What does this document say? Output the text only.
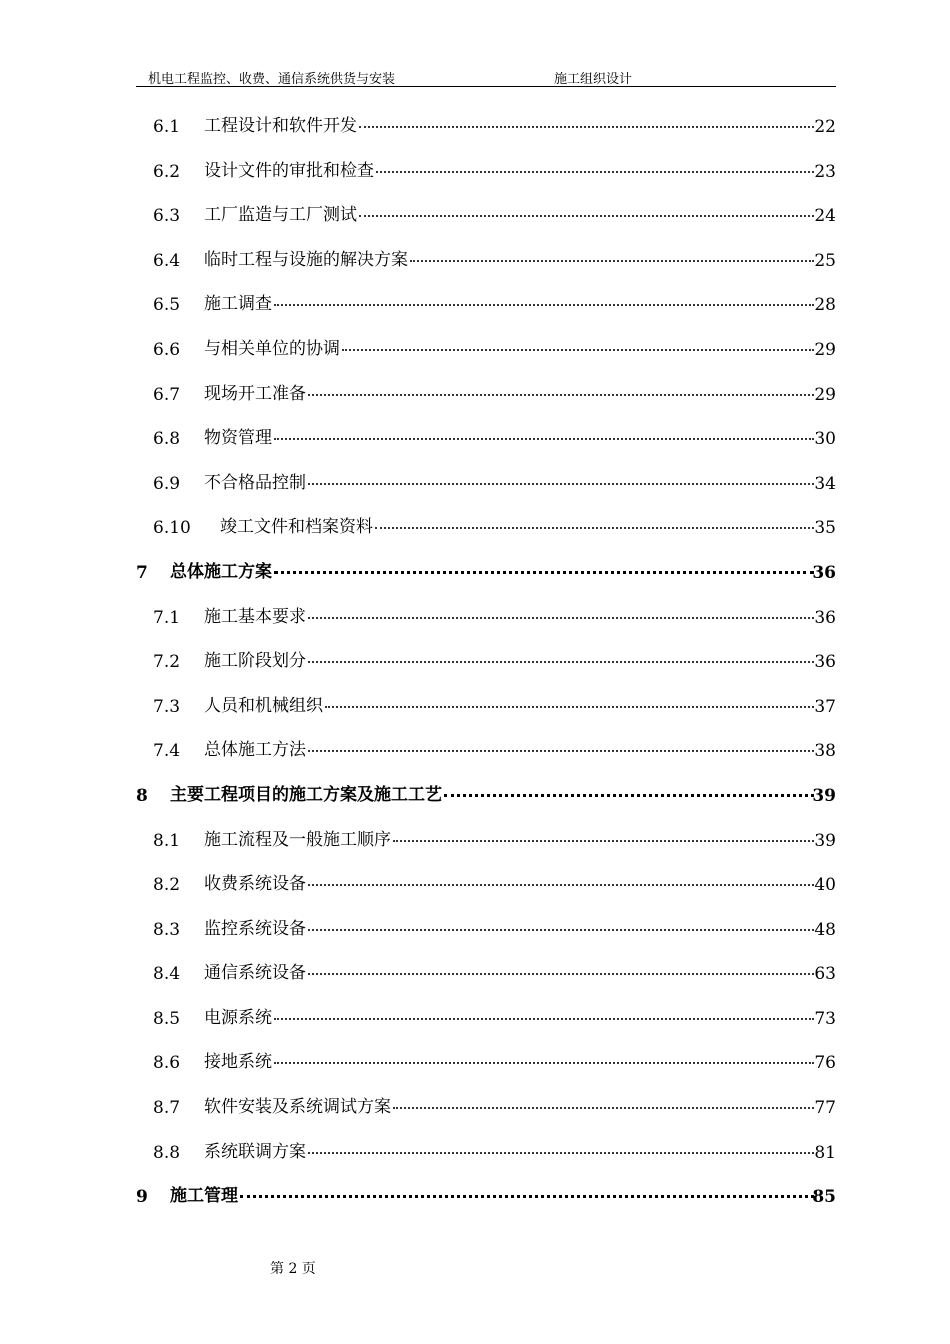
机电工程监控、收费、通信系统供货与安装	施工组织设计
6.1 工程设计和软件开发	22
6.2 设计文件的审批和检查	23
6.3 工厂监造与工厂测试	24
6.4 临时工程与设施的解决方案	25
6.5 施工调查	28
6.6 与相关单位的协调	29
6.7 现场开工准备	29
6.8 物资管理	30
6.9 不合格品控制	34
6.10 竣工文件和档案资料	35
7 总体施工方案	36
7.1 施工基本要求	36
7.2 施工阶段划分	36
7.3 人员和机械组织	37
7.4 总体施工方法	38
8 主要工程项目的施工方案及施工工艺	39
8.1 施工流程及一般施工顺序	39
8.2 收费系统设备	40
8.3 监控系统设备	48
8.4 通信系统设备	63
8.5 电源系统	73
8.6 接地系统	76
8.7 软件安装及系统调试方案	77
8.8 系统联调方案	81
9 施工管理	85
第 2 页
